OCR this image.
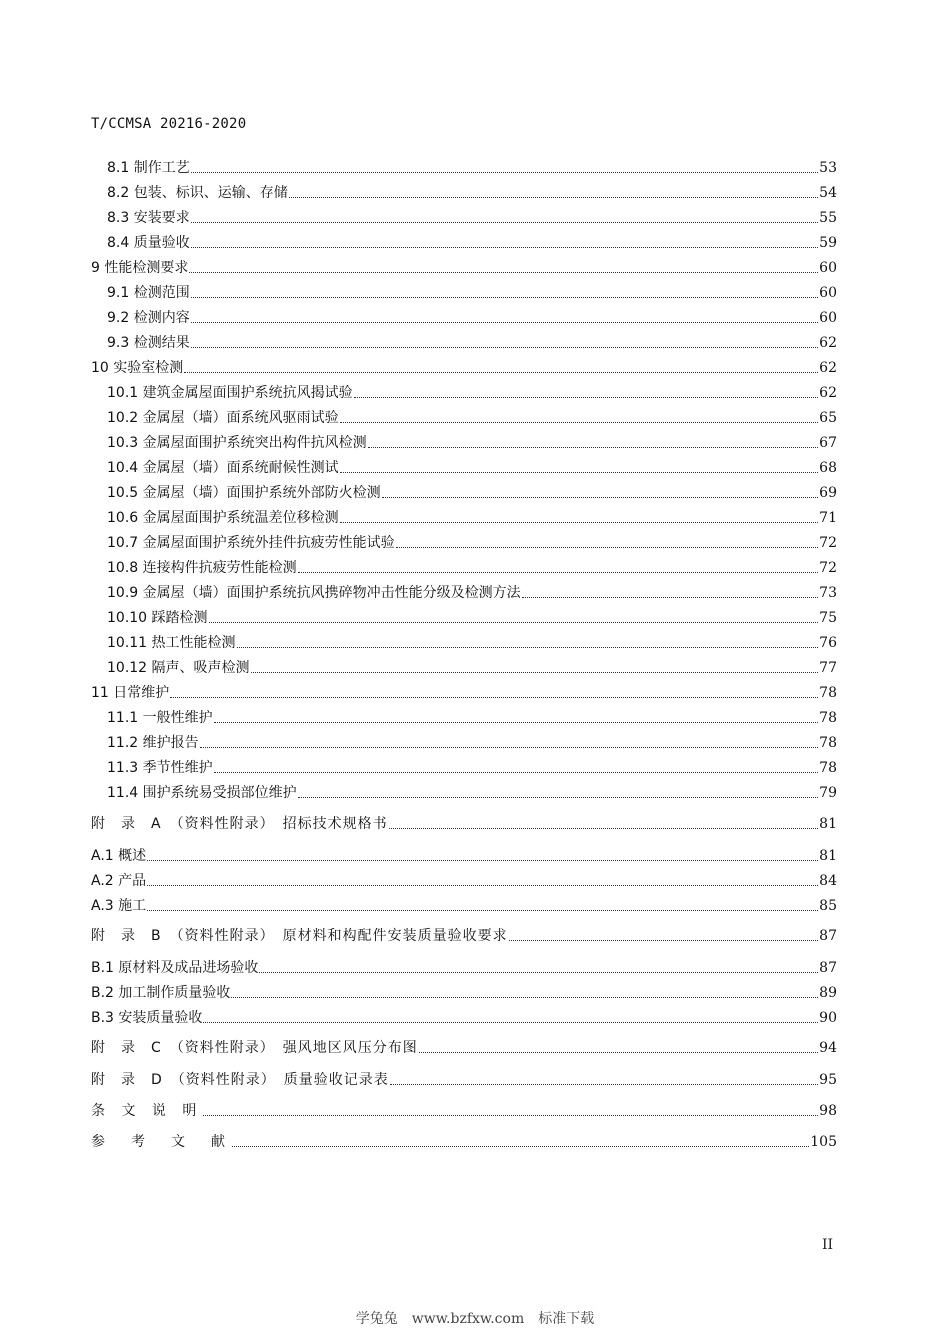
T/CCMSA 20216-2020
8.1 制作工艺	53
8.2 包装、标识、运输、存储	54
8.3 安装要求	55
8.4 质量验收	59
9 性能检测要求	60
9.1 检测范围	60
9.2 检测内容	60
9.3 检测结果	62
10 实验室检测	62
10.1 建筑金属屋面围护系统抗风揭试验	62
10.2 金属屋（墙）面系统风驱雨试验	65
10.3 金属屋面围护系统突出构件抗风检测	67
10.4 金属屋（墙）面系统耐候性测试	68
10.5 金属屋（墙）面围护系统外部防火检测	69
10.6 金属屋面围护系统温差位移检测	71
10.7 金属屋面围护系统外挂件抗疲劳性能试验	72
10.8 连接构件抗疲劳性能检测	72
10.9 金属屋（墙）面围护系统抗风携碎物冲击性能分级及检测方法	73
10.10 踩踏检测	75
10.11 热工性能检测	76
10.12 隔声、吸声检测	77
11 日常维护	78
11.1 一般性维护	78
11.2 维护报告	78
11.3 季节性维护	78
11.4 围护系统易受损部位维护	79
附　录　A　（资料性附录）　招标技术规格书	81
A.1 概述	81
A.2 产品	84
A.3 施工	85
附　录　B　（资料性附录）　原材料和构配件安装质量验收要求	87
B.1 原材料及成品进场验收	87
B.2 加工制作质量验收	89
B.3 安装质量验收	90
附　录　C　（资料性附录）　强风地区风压分布图	94
附　录　D　（资料性附录）　质量验收记录表	95
条 文 说 明	98
参　考　文　献	105
II
学兔兔　www.bzfxw.com　标准下载
